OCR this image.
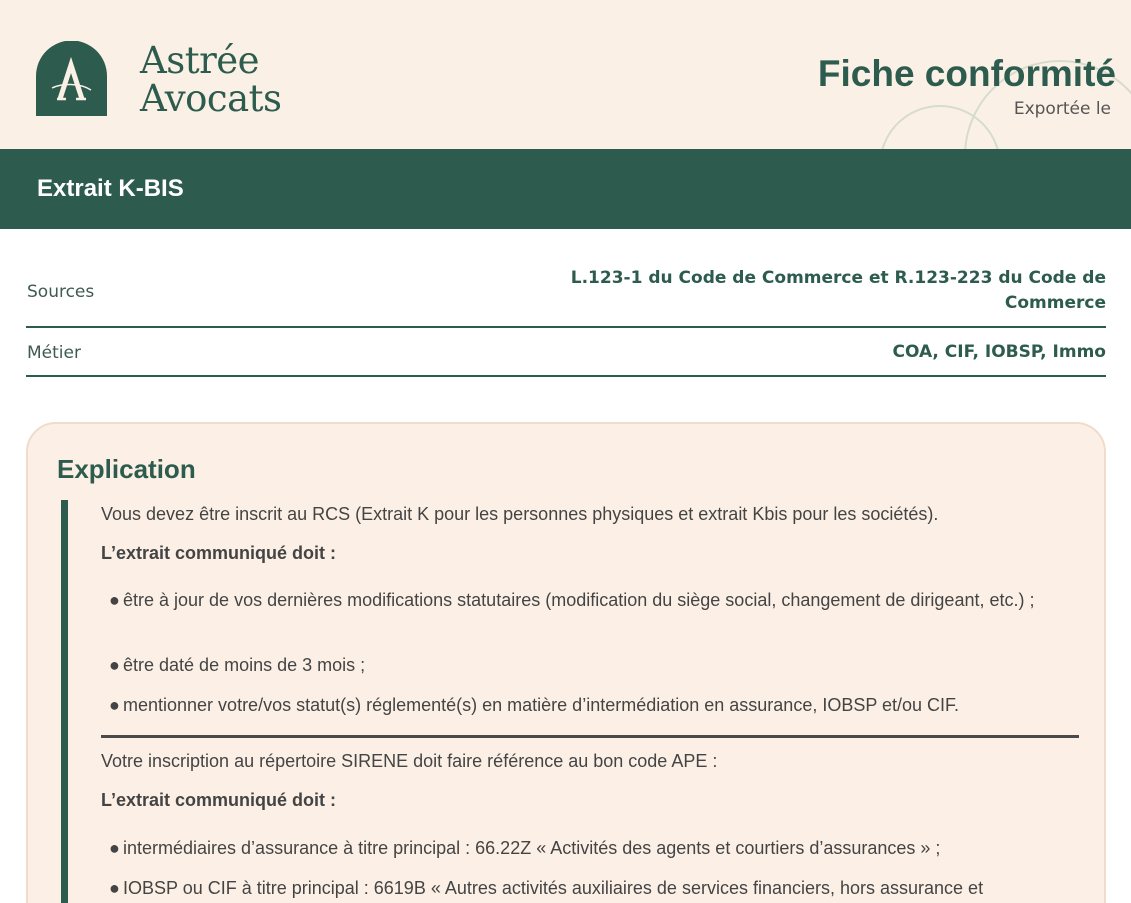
Astrée
Avocats
Fiche conformité
Exportée le
Extrait K-BIS
Sources
L.123-1 du Code de Commerce et R.123-223 du Code de Commerce
Métier	COA, CIF, IOBSP, Immo
Explication
Vous devez être inscrit au RCS (Extrait K pour les personnes physiques et extrait Kbis pour les sociétés).
L’extrait communiqué doit :
● être à jour de vos dernières modifications statutaires (modification du siège social, changement de dirigeant, etc.) ;
● être daté de moins de 3 mois ;
● mentionner votre/vos statut(s) réglementé(s) en matière d’intermédiation en assurance, IOBSP et/ou CIF.
Votre inscription au répertoire SIRENE doit faire référence au bon code APE :
L’extrait communiqué doit :
● intermédiaires d’assurance à titre principal : 66.22Z « Activités des agents et courtiers d’assurances » ;
● IOBSP ou CIF à titre principal : 6619B « Autres activités auxiliaires de services financiers, hors assurance et
